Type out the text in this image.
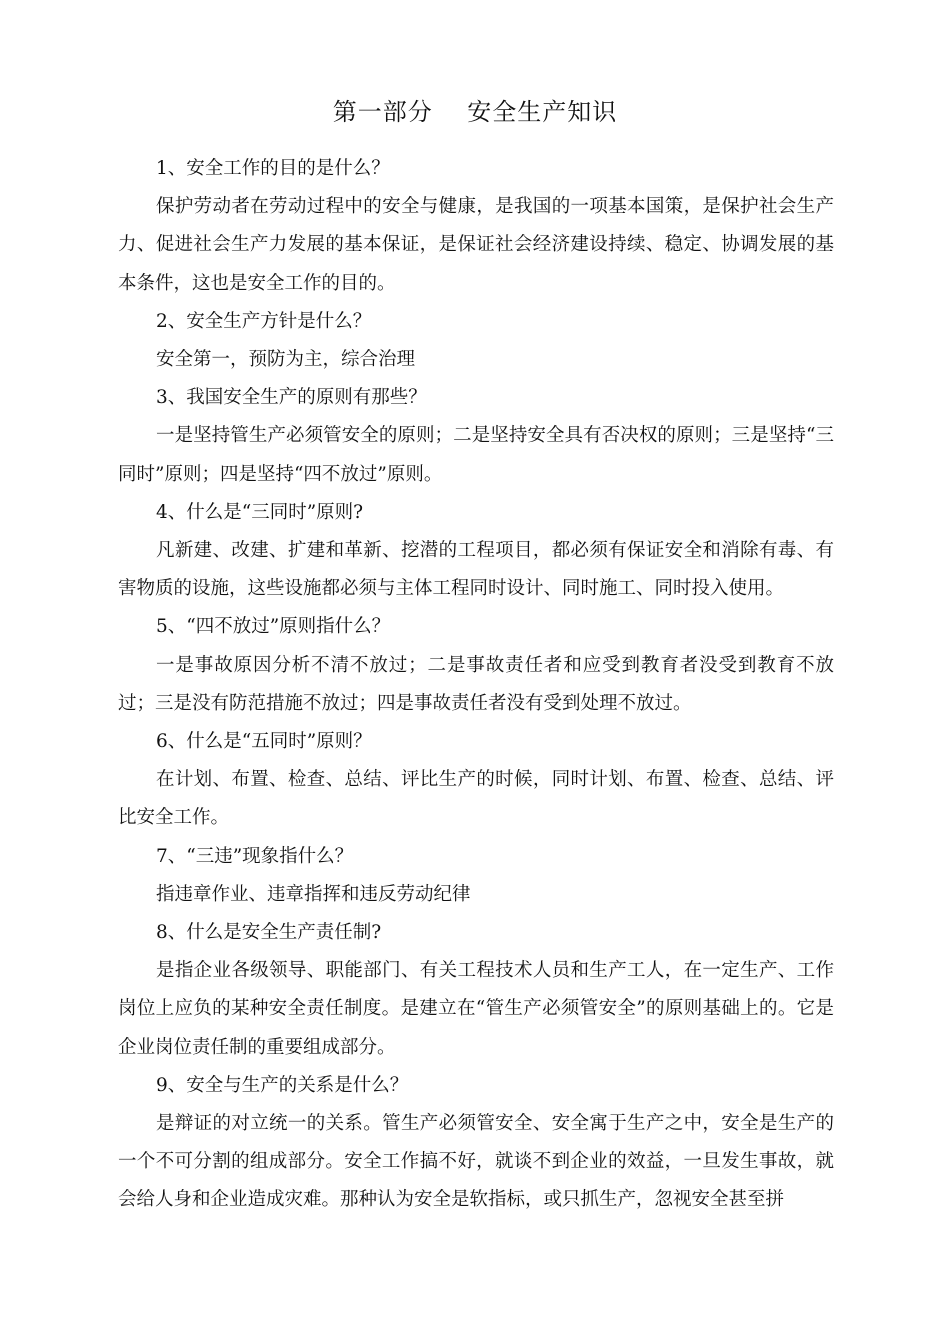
第一部分    安全生产知识

1、安全工作的目的是什么？

保护劳动者在劳动过程中的安全与健康，是我国的一项基本国策，是保护社会生产力、促进社会生产力发展的基本保证，是保证社会经济建设持续、稳定、协调发展的基本条件，这也是安全工作的目的。

2、安全生产方针是什么？

安全第一，预防为主，综合治理

3、我国安全生产的原则有那些？

一是坚持管生产必须管安全的原则；二是坚持安全具有否决权的原则；三是坚持“三同时”原则；四是坚持“四不放过”原则。

4、什么是“三同时”原则?

凡新建、改建、扩建和革新、挖潜的工程项目，都必须有保证安全和消除有毒、有害物质的设施，这些设施都必须与主体工程同时设计、同时施工、同时投入使用。

5、“四不放过”原则指什么？

一是事故原因分析不清不放过；二是事故责任者和应受到教育者没受到教育不放过；三是没有防范措施不放过；四是事故责任者没有受到处理不放过。

6、什么是“五同时”原则？

在计划、布置、检查、总结、评比生产的时候，同时计划、布置、检查、总结、评比安全工作。

7、“三违”现象指什么？

指违章作业、违章指挥和违反劳动纪律

8、什么是安全生产责任制?

是指企业各级领导、职能部门、有关工程技术人员和生产工人，在一定生产、工作岗位上应负的某种安全责任制度。是建立在“管生产必须管安全”的原则基础上的。它是企业岗位责任制的重要组成部分。

9、安全与生产的关系是什么？

是辩证的对立统一的关系。管生产必须管安全、安全寓于生产之中，安全是生产的一个不可分割的组成部分。安全工作搞不好，就谈不到企业的效益，一旦发生事故，就会给人身和企业造成灾难。那种认为安全是软指标，或只抓生产，忽视安全甚至拼
